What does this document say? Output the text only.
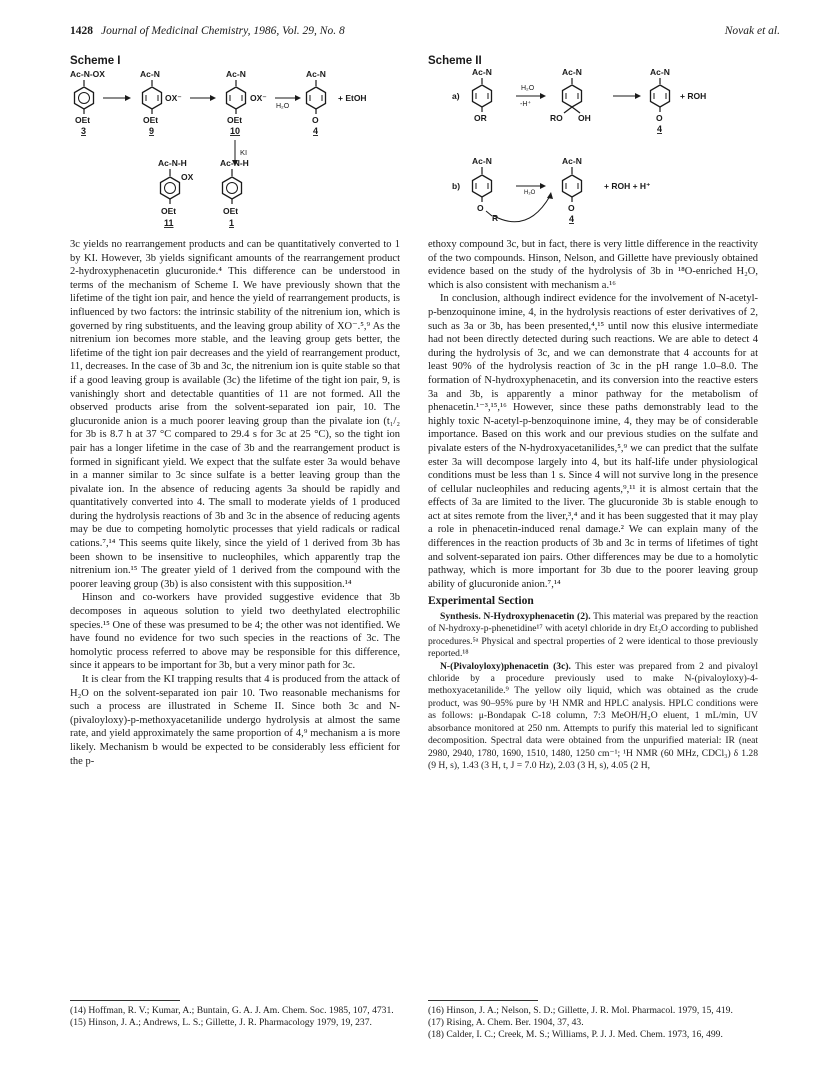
1428 Journal of Medicinal Chemistry, 1986, Vol. 29, No. 8	Novak et al.
Scheme I
Ac-N-OX
OEt
3
Ac-N
OX⁻
OEt
9
Ac-N
OX⁻
OEt
10
H₂O
Ac-N
O
4
+ EtOH
KI
Ac-N-H
OX
OEt
11
Ac-N-H
OEt
1
Scheme II
a)
Ac-N
OR
H₂O
-H⁺
Ac-N
RO OH
Ac-N
O
4
+ ROH
b)
Ac-N
O
R
H₂O
Ac-N
O
4
+ ROH + H⁺

3c yields no rearrangement products and can be quantitatively converted to 1 by KI. However, 3b yields significant amounts of the rearrangement product 2-hydroxyphenacetin glucuronide.⁴ This difference can be understood in terms of the mechanism of Scheme I. We have previously shown that the lifetime of the tight ion pair, and hence the yield of rearrangement products, is influenced by two factors: the intrinsic stability of the nitrenium ion, which is governed by ring substituents, and the leaving group ability of XO⁻.⁵,⁹ As the nitrenium ion becomes more stable, and the leaving group gets better, the lifetime of the tight ion pair decreases and the yield of rearrangement product, 11, decreases. In the case of 3b and 3c, the nitrenium ion is quite stable so that if a good leaving group is available (3c) the lifetime of the tight ion pair, 9, is vanishingly short and detectable quantities of 11 are not formed. All the observed products arise from the solvent-separated ion pair, 10. The glucuronide anion is a much poorer leaving group than the pivalate ion (t₁/₂ for 3b is 8.7 h at 37 °C compared to 29.4 s for 3c at 25 °C), so the tight ion pair has a longer lifetime in the case of 3b and the rearrangement product is formed in significant yield. We expect that the sulfate ester 3a would behave in a manner similar to 3c since sulfate is a better leaving group than the pivalate ion. In the absence of reducing agents 3a should be rapidly and quantitatively converted into 4. The small to moderate yields of 1 produced during the hydrolysis reactions of 3b and 3c in the absence of reducing agents may be due to competing homolytic processes that yield radicals or radical cations.⁷,¹⁴ This seems quite likely, since the yield of 1 derived from 3b has been shown to be insensitive to nucleophiles, which apparently trap the nitrenium ion.¹⁵ The greater yield of 1 derived from the compound with the poorer leaving group (3b) is also consistent with this supposition.¹⁴

Hinson and co-workers have provided suggestive evidence that 3b decomposes in aqueous solution to yield two deethylated electrophilic species.¹⁵ One of these was presumed to be 4; the other was not identified. We have found no evidence for two such species in the reactions of 3c. The homolytic process referred to above may be responsible for this difference, since it appears to be important for 3b, but a very minor path for 3c.

It is clear from the KI trapping results that 4 is produced from the attack of H₂O on the solvent-separated ion pair 10. Two reasonable mechanisms for such a process are illustrated in Scheme II. Since both 3c and N-(pivaloyloxy)-p-methoxyacetanilide undergo hydrolysis at almost the same rate, and yield approximately the same proportion of 4,⁹ mechanism a is more likely. Mechanism b would be expected to be considerably less efficient for the p-

ethoxy compound 3c, but in fact, there is very little difference in the reactivity of the two compounds. Hinson, Nelson, and Gillette have previously obtained evidence based on the study of the hydrolysis of 3b in ¹⁸O-enriched H₂O, which is also consistent with mechanism a.¹⁶

In conclusion, although indirect evidence for the involvement of N-acetyl-p-benzoquinone imine, 4, in the hydrolysis reactions of ester derivatives of 2, such as 3a or 3b, has been presented,⁴,¹⁵ until now this elusive intermediate had not been directly detected during such reactions. We are able to detect 4 during the hydrolysis of 3c, and we can demonstrate that 4 accounts for at least 90% of the hydrolysis reaction of 3c in the pH range 1.0–8.0. The formation of N-hydroxyphenacetin, and its conversion into the reactive esters 3a and 3b, is apparently a minor pathway for the metabolism of phenacetin.¹⁻³,¹⁵,¹⁶ However, since these paths demonstrably lead to the highly toxic N-acetyl-p-benzoquinone imine, 4, they may be of considerable importance. Based on this work and our previous studies on the sulfate and pivalate esters of the N-hydroxyacetanilides,⁵,⁹ we can predict that the sulfate ester 3a will decompose largely into 4, but its half-life under physiological conditions must be less than 1 s. Since 4 will not survive long in the presence of cellular nucleophiles and reducing agents,⁹,¹¹ it is almost certain that the effects of 3a are limited to the liver. The glucuronide 3b is stable enough to act at sites remote from the liver,³,⁴ and it has been suggested that it may play a role in phenacetin-induced renal damage.² We can explain many of the differences in the reaction products of 3b and 3c in terms of lifetimes of tight and solvent-separated ion pairs. Other differences may be due to a homolytic pathway, which is more important for 3b due to the poorer leaving group ability of glucuronide anion.⁷,¹⁴

Experimental Section

Synthesis. N-Hydroxyphenacetin (2). This material was prepared by the reaction of N-hydroxy-p-phenetidine¹⁷ with acetyl chloride in dry Et₂O according to published procedures.⁵ᵃ Physical and spectral properties of 2 were identical to those previously reported.¹⁸

N-(Pivaloyloxy)phenacetin (3c). This ester was prepared from 2 and pivaloyl chloride by a procedure previously used to make N-(pivaloyloxy)-4-methoxyacetanilide.⁹ The yellow oily liquid, which was obtained as the crude product, was 90–95% pure by ¹H NMR and HPLC analysis. HPLC conditions were as follows: μ-Bondapak C-18 column, 7:3 MeOH/H₂O eluent, 1 mL/min, UV absorbance monitored at 250 nm. Attempts to purify this material led to significant decomposition. Spectral data were obtained from the unpurified material: IR (neat 2980, 2940, 1780, 1690, 1510, 1480, 1250 cm⁻¹; ¹H NMR (60 MHz, CDCl₃) δ 1.28 (9 H, s), 1.43 (3 H, t, J = 7.0 Hz), 2.03 (3 H, s), 4.05 (2 H,

(14) Hoffman, R. V.; Kumar, A.; Buntain, G. A. J. Am. Chem. Soc. 1985, 107, 4731.
(15) Hinson, J. A.; Andrews, L. S.; Gillette, J. R. Pharmacology 1979, 19, 237.
(16) Hinson, J. A.; Nelson, S. D.; Gillette, J. R. Mol. Pharmacol. 1979, 15, 419.
(17) Rising, A. Chem. Ber. 1904, 37, 43.
(18) Calder, I. C.; Creek, M. S.; Williams, P. J. J. Med. Chem. 1973, 16, 499.
